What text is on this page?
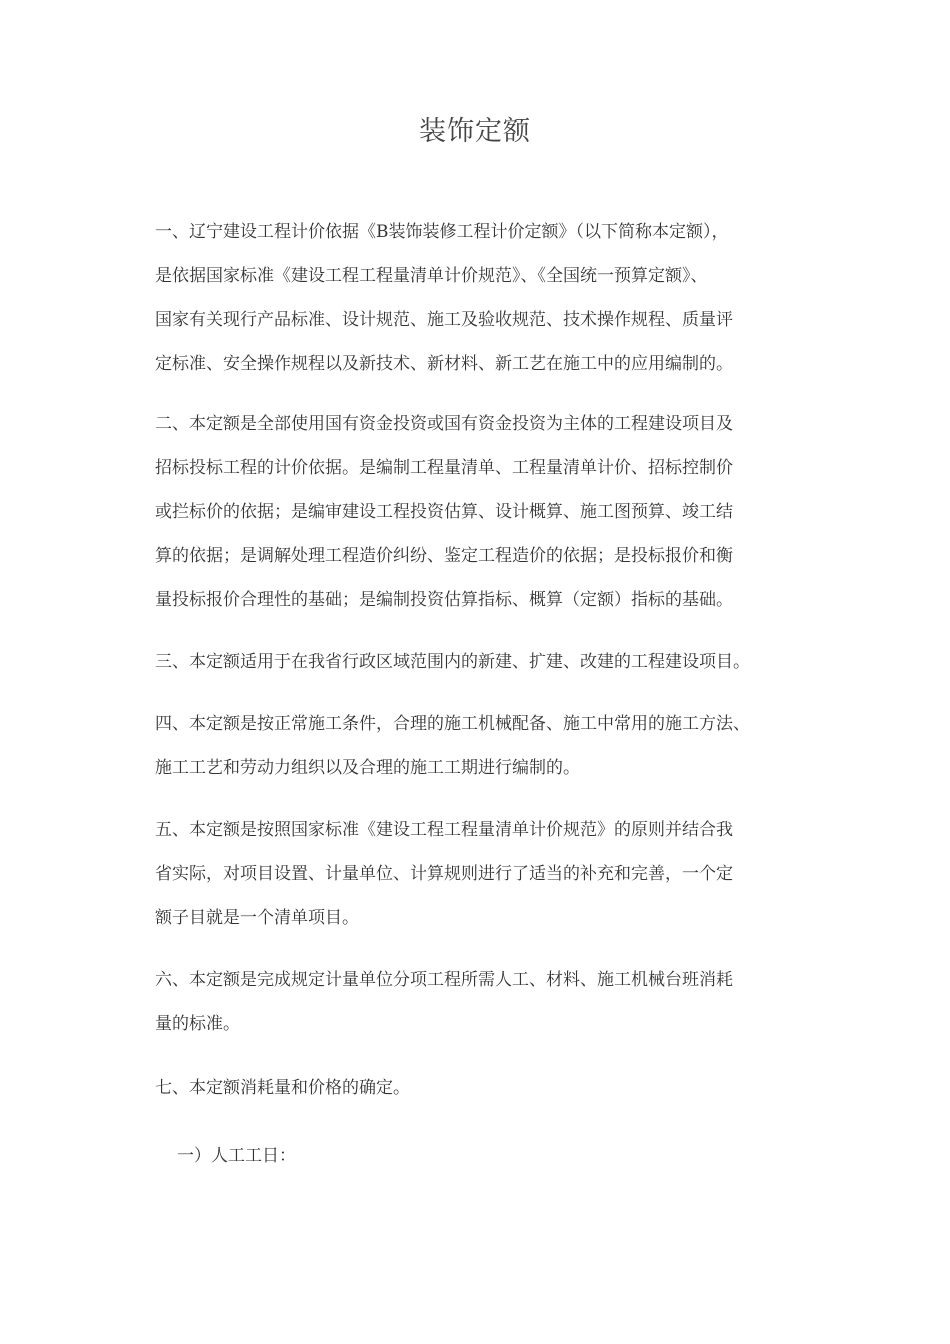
装饰定额

一、辽宁建设工程计价依据《B装饰装修工程计价定额》（以下简称本定额），
是依据国家标准《建设工程工程量清单计价规范》、《全国统一预算定额》、
国家有关现行产品标准、设计规范、施工及验收规范、技术操作规程、质量评
定标准、安全操作规程以及新技术、新材料、新工艺在施工中的应用编制的。

二、本定额是全部使用国有资金投资或国有资金投资为主体的工程建设项目及
招标投标工程的计价依据。是编制工程量清单、工程量清单计价、招标控制价
或拦标价的依据；是编审建设工程投资估算、设计概算、施工图预算、竣工结
算的依据；是调解处理工程造价纠纷、鉴定工程造价的依据；是投标报价和衡
量投标报价合理性的基础；是编制投资估算指标、概算（定额）指标的基础。

三、本定额适用于在我省行政区域范围内的新建、扩建、改建的工程建设项目。

四、本定额是按正常施工条件，合理的施工机械配备、施工中常用的施工方法、
施工工艺和劳动力组织以及合理的施工工期进行编制的。

五、本定额是按照国家标准《建设工程工程量清单计价规范》的原则并结合我
省实际，对项目设置、计量单位、计算规则进行了适当的补充和完善，一个定
额子目就是一个清单项目。

六、本定额是完成规定计量单位分项工程所需人工、材料、施工机械台班消耗
量的标准。

七、本定额消耗量和价格的确定。

一）人工工日：
